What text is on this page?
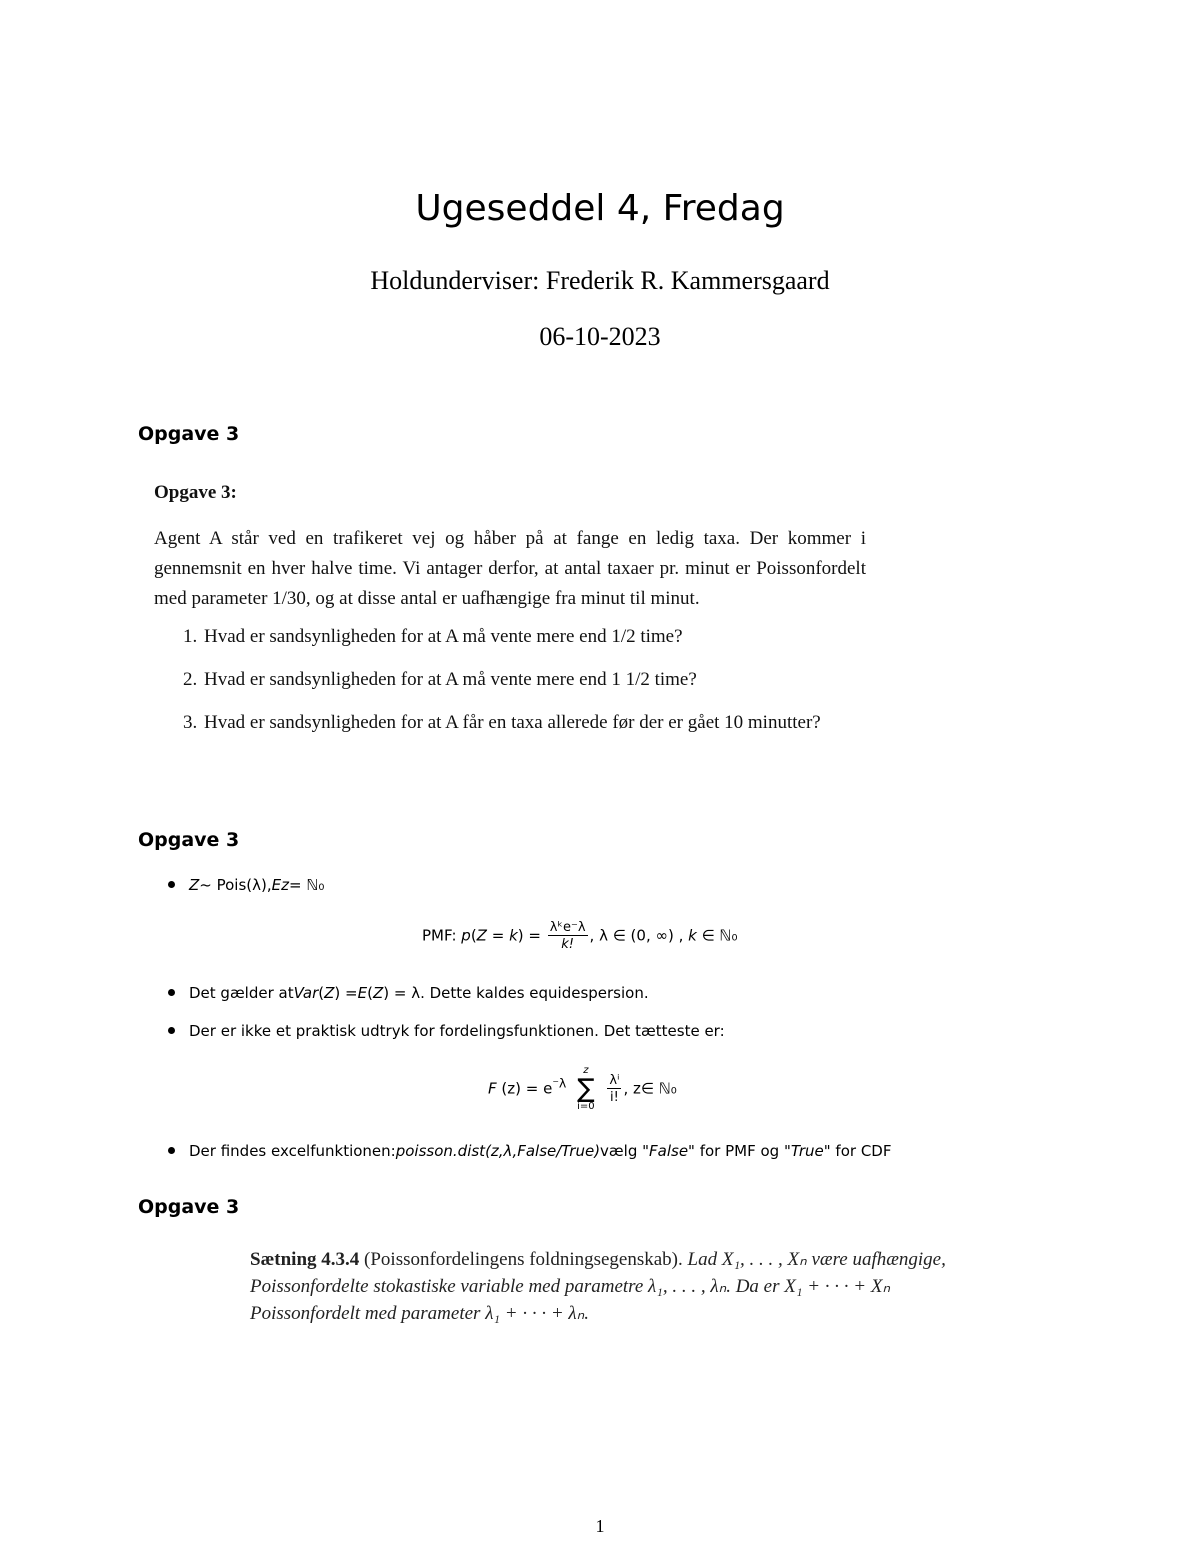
Ugeseddel 4, Fredag
Holdunderviser: Frederik R. Kammersgaard
06-10-2023
Opgave 3
Opgave 3:
Agent A står ved en trafikeret vej og håber på at fange en ledig taxa. Der kommer i gennemsnit en hver halve time. Vi antager derfor, at antal taxaer pr. minut er Poissonfordelt med parameter 1/30, og at disse antal er uafhængige fra minut til minut.
1. Hvad er sandsynligheden for at A må vente mere end 1/2 time?
2. Hvad er sandsynligheden for at A må vente mere end 1 1/2 time?
3. Hvad er sandsynligheden for at A får en taxa allerede før der er gået 10 minutter?
Opgave 3
Z ~ Pois(λ), Ez = ℕ₀
PMF: $p(Z = k) = \frac{\text{λᵏe⁻λ}}{k!}$ , λ ∈ (0, ∞) , k ∈ ℕ₀
Det gælder at Var ( Z ) = E ( Z ) = λ. Dette kaldes equidespersion.
Der er ikke et praktisk udtryk for fordelingsfunktionen. Det tætteste er:
F $(z) = e^{^-\lambda}$
z
∑
i=0

$\frac{\text{λⁱ}}{i!}$ , z∈ ℕ₀
Der findes excelfunktionen: poisson.dist(z,λ,False/True) vælg " False " for PMF og " True " for CDF
Opgave 3
Sætning 4.3.4 (Poissonfordelingens foldningsegenskab). Lad X₁, . . . , Xₙ være uafhængige, Poissonfordelte stokastiske variable med parametre λ₁, . . . , λₙ. Da er X₁ + · · · + Xₙ Poissonfordelt med parameter λ₁ + · · · + λₙ.
1
